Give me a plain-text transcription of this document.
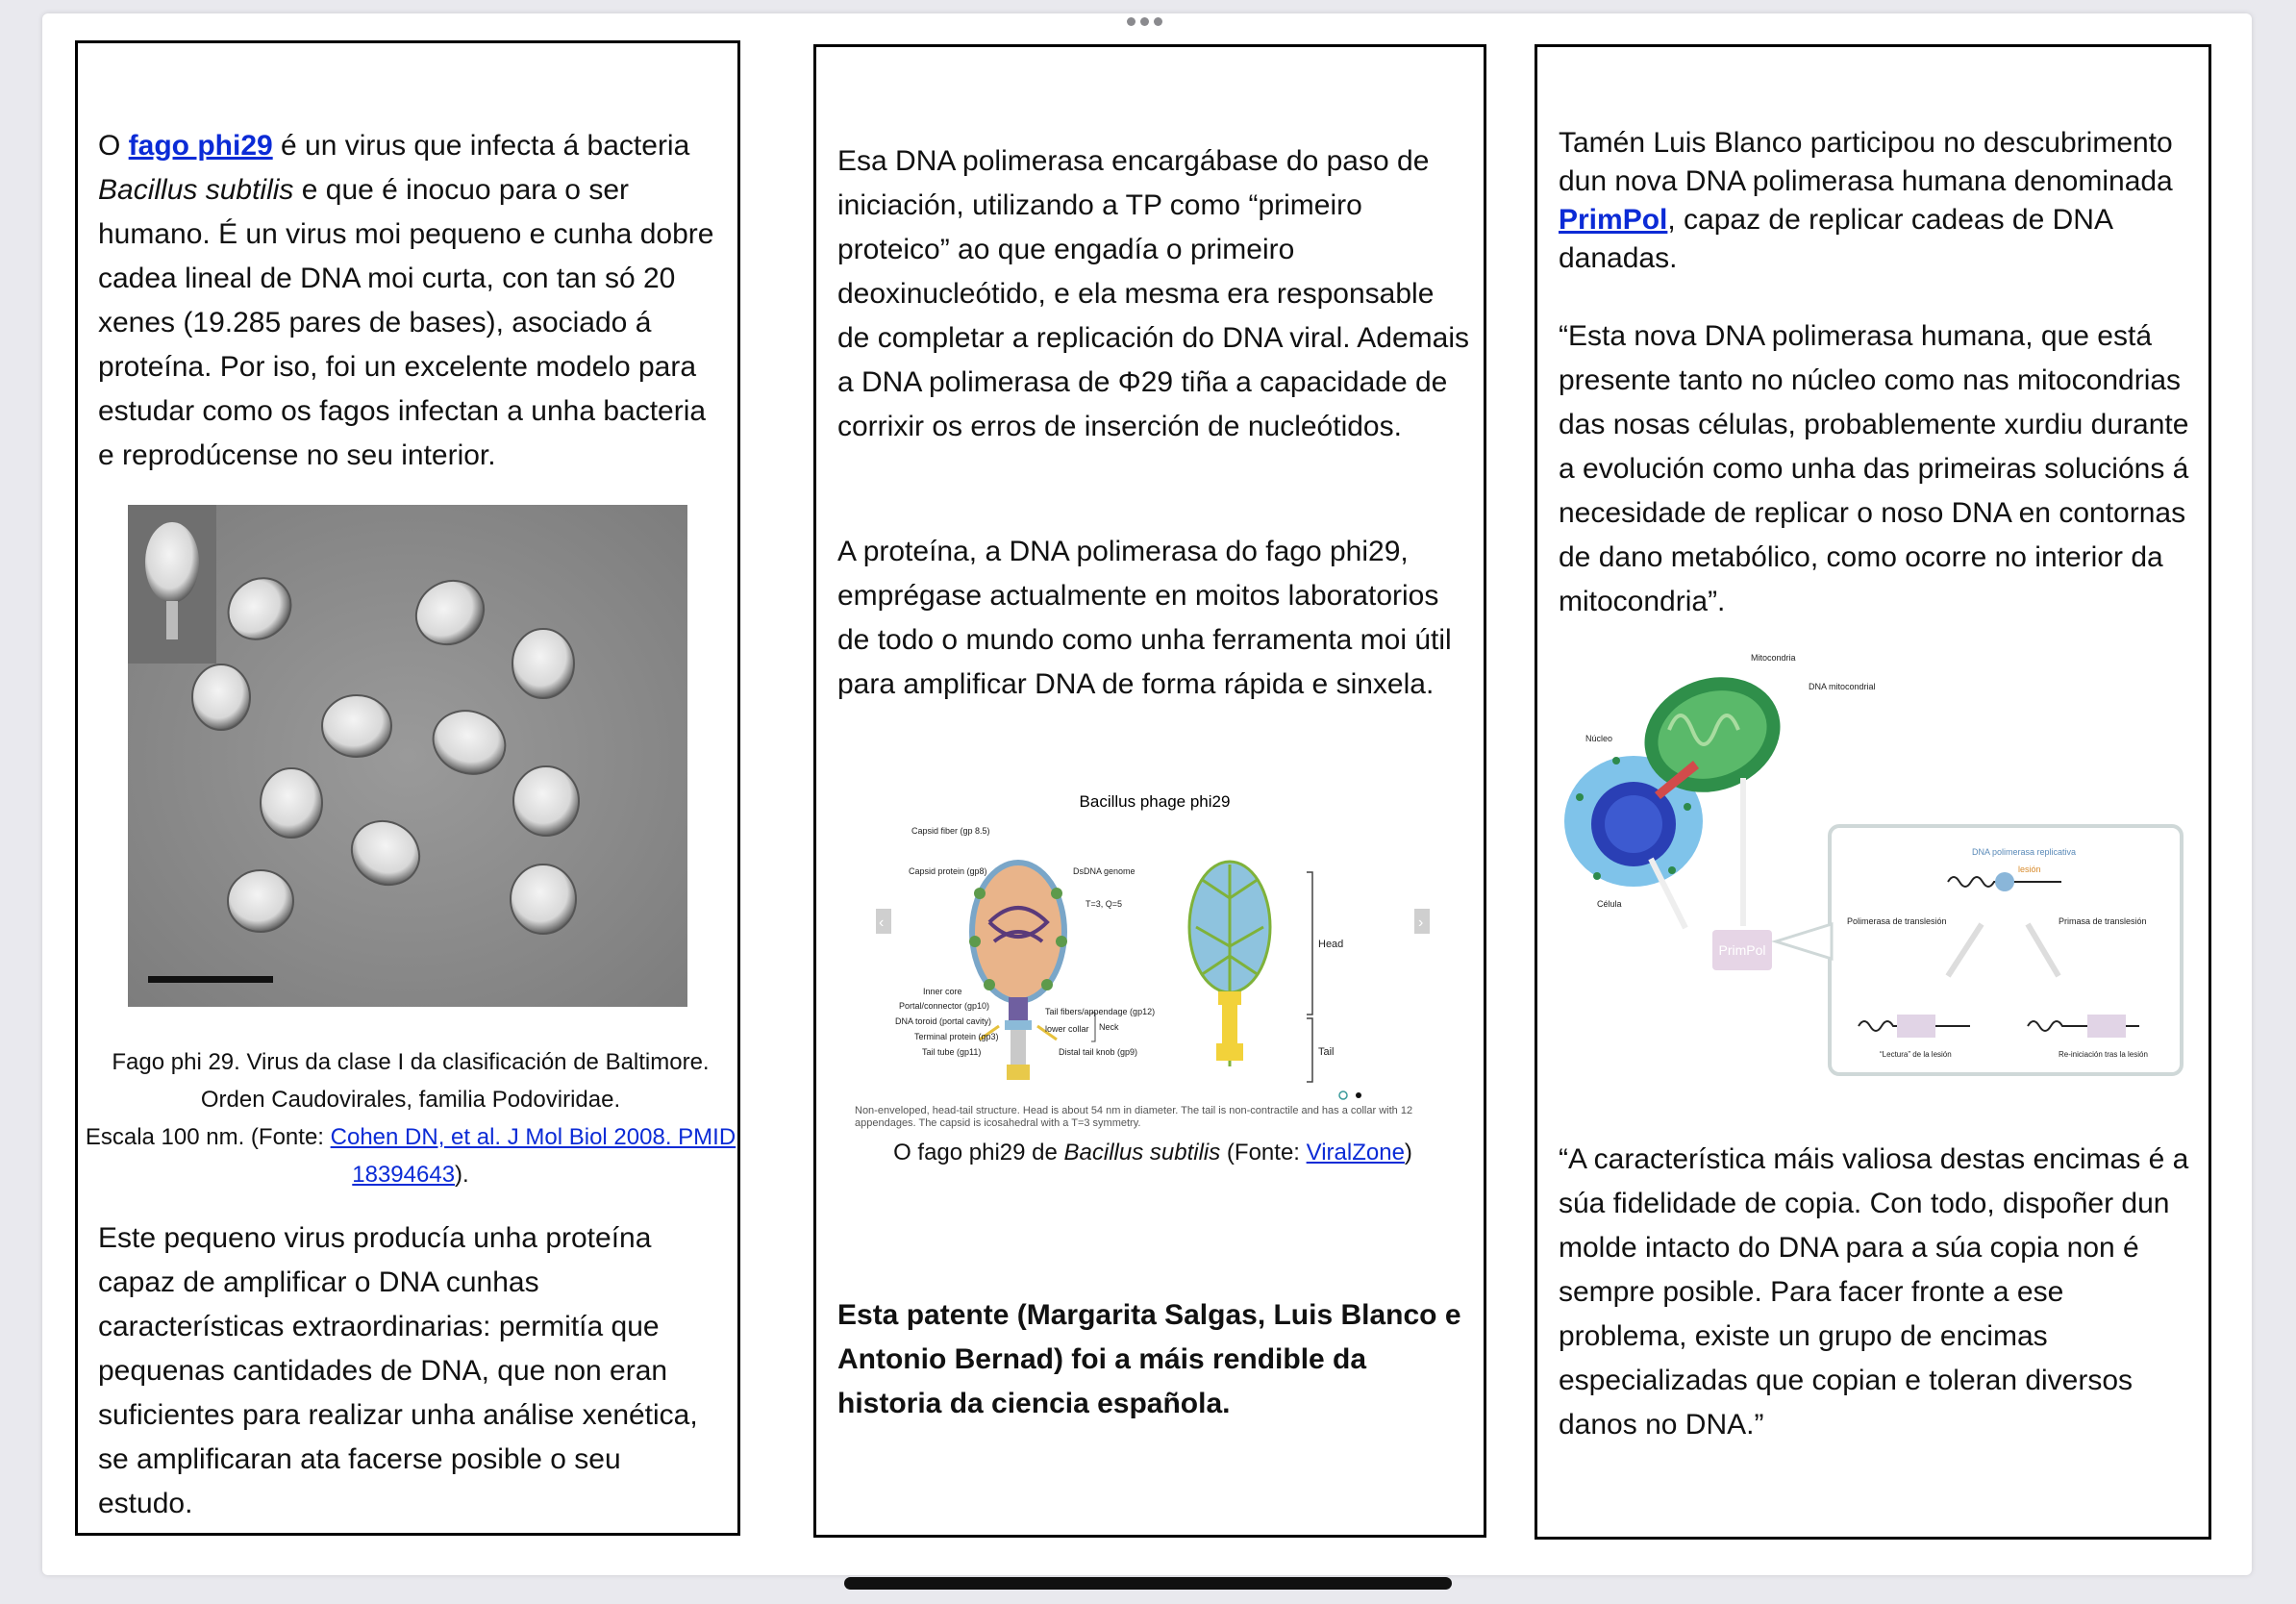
O fago phi29 é un virus que infecta á bacteria Bacillus subtilis e que é inocuo para o ser humano. É un virus moi pequeno e cunha dobre cadea lineal de DNA moi curta, con tan só 20 xenes (19.285 pares de bases), asociado á proteína. Por iso, foi un excelente modelo para estudar como os fagos infectan a unha bacteria e reprodúcense no seu interior.
Fago phi 29. Virus da clase I da clasificación de Baltimore.
Orden Caudovirales, familia Podoviridae.
Escala 100 nm. (Fonte: Cohen DN, et al. J Mol Biol 2008. PMID 18394643).
Este pequeno virus producía unha proteína capaz de amplificar o DNA cunhas características extraordinarias: permitía que pequenas cantidades de DNA, que non eran suficientes para realizar unha análise xenética, se amplificaran ata facerse posible o seu estudo.
Esa DNA polimerasa encargábase do paso de iniciación, utilizando a TP como “primeiro proteico” ao que engadía o primeiro deoxinucleótido, e ela mesma era responsable de completar a replicación do DNA viral. Ademais a DNA polimerasa de Φ29 tiña a capacidade de corrixir os erros de inserción de nucleótidos.
A proteína, a DNA polimerasa do fago phi29, emprégase actualmente en moitos laboratorios de todo o mundo como unha ferramenta moi útil para amplificar DNA de forma rápida e sinxela.
Bacillus phage phi29
‹	›
Capsid fiber (gp 8.5)
Capsid protein (gp8)	DsDNA genome
T=3, Q=5
Inner core
Portal/connector (gp10)
DNA toroid (portal cavity)
Terminal protein (gp3)
Tail tube (gp11)
Tail fibers/appendage (gp12)
lower collar Neck
Distal tail knob (gp9)
Head
Tail
Non-enveloped, head-tail structure. Head is about 54 nm in diameter. The tail is non-contractile and has a collar with 12 appendages. The capsid is icosahedral with a T=3 symmetry.
O fago phi29 de Bacillus subtilis (Fonte: ViralZone)
Esta patente (Margarita Salgas, Luis Blanco e Antonio Bernad) foi a máis rendible da historia da ciencia española.
Tamén Luis Blanco participou no descubrimento dun nova DNA polimerasa humana denominada PrimPol, capaz de replicar cadeas de DNA danadas.
“Esta nova DNA polimerasa humana, que está presente tanto no núcleo como nas mitocondrias das nosas células, probablemente xurdiu durante a evolución como unha das primeiras solucións á necesidade de replicar o noso DNA en contornas de dano metabólico, como ocorre no interior da mitocondria”.
PrimPol
Mitocondria
DNA mitocondrial
Núcleo
Célula
DNA polimerasa replicativa
lesión
Polimerasa de translesión	Primasa de translesión
“Lectura” de la lesión	Re-iniciación tras la lesión
“A característica máis valiosa destas encimas é a súa fidelidade de copia. Con todo, dispoñer dun molde intacto do DNA para a súa copia non é sempre posible. Para facer fronte a ese problema, existe un grupo de encimas especializadas que copian e toleran diversos danos no DNA.”
